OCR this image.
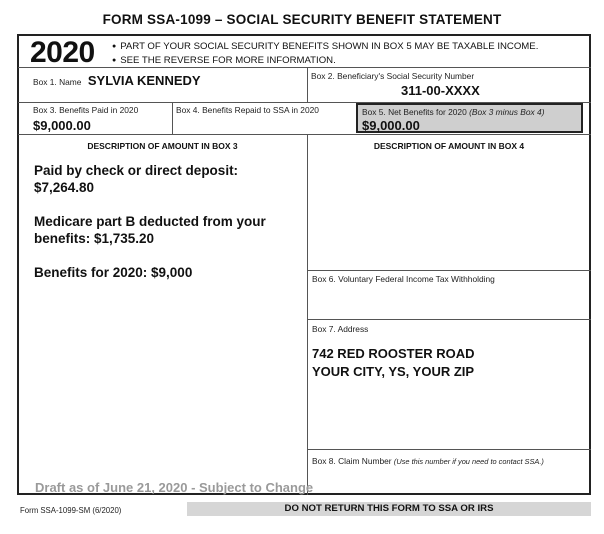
FORM SSA-1099 – SOCIAL SECURITY BENEFIT STATEMENT
2020
●	PART OF YOUR SOCIAL SECURITY BENEFITS SHOWN IN BOX 5 MAY BE TAXABLE INCOME.
● SEE THE REVERSE FOR MORE INFORMATION.
Box 1. Name SYLVIA KENNEDY	Box 2. Beneficiary's Social Security Number
311-00-XXXX
Box 3. Benefits Paid in 2020
$9,000.00
Box 4. Benefits Repaid to SSA in 2020	Box 5. Net Benefits for 2020 (Box 3 minus Box 4)
$9,000.00
DESCRIPTION OF AMOUNT IN BOX 3
Paid by check or direct deposit:
$7,264.80
Medicare part B deducted from your
benefits: $1,735.20
Benefits for 2020: $9,000
DESCRIPTION OF AMOUNT IN BOX 4
Box 6. Voluntary Federal Income Tax Withholding
Box 7. Address
742 RED ROOSTER ROAD
YOUR CITY, YS, YOUR ZIP
Box 8. Claim Number (Use this number if you need to contact SSA.)
Draft as of June 21, 2020 - Subject to Change
Form SSA-1099-SM (6/2020)	DO NOT RETURN THIS FORM TO SSA OR IRS
